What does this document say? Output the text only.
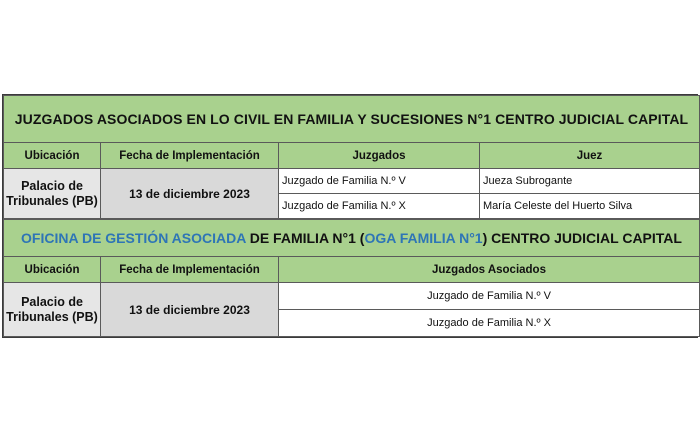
JUZGADOS ASOCIADOS EN LO CIVIL EN FAMILIA Y SUCESIONES N°1 CENTRO JUDICIAL CAPITAL			
Ubicación	Fecha de Implementación	Juzgados	Juez
Palacio de Tribunales (PB)	13 de diciembre 2023	Juzgado de Familia N.º V	Jueza Subrogante
		Juzgado de Familia N.º X	María Celeste del Huerto Silva
OFICINA DE GESTIÓN ASOCIADA DE FAMILIA N°1 (OGA FAMILIA N°1) CENTRO JUDICIAL CAPITAL		
Ubicación	Fecha de Implementación	Juzgados Asociados
Palacio de Tribunales (PB)	13 de diciembre 2023	Juzgado de Familia N.º V
		Juzgado de Familia N.º X
